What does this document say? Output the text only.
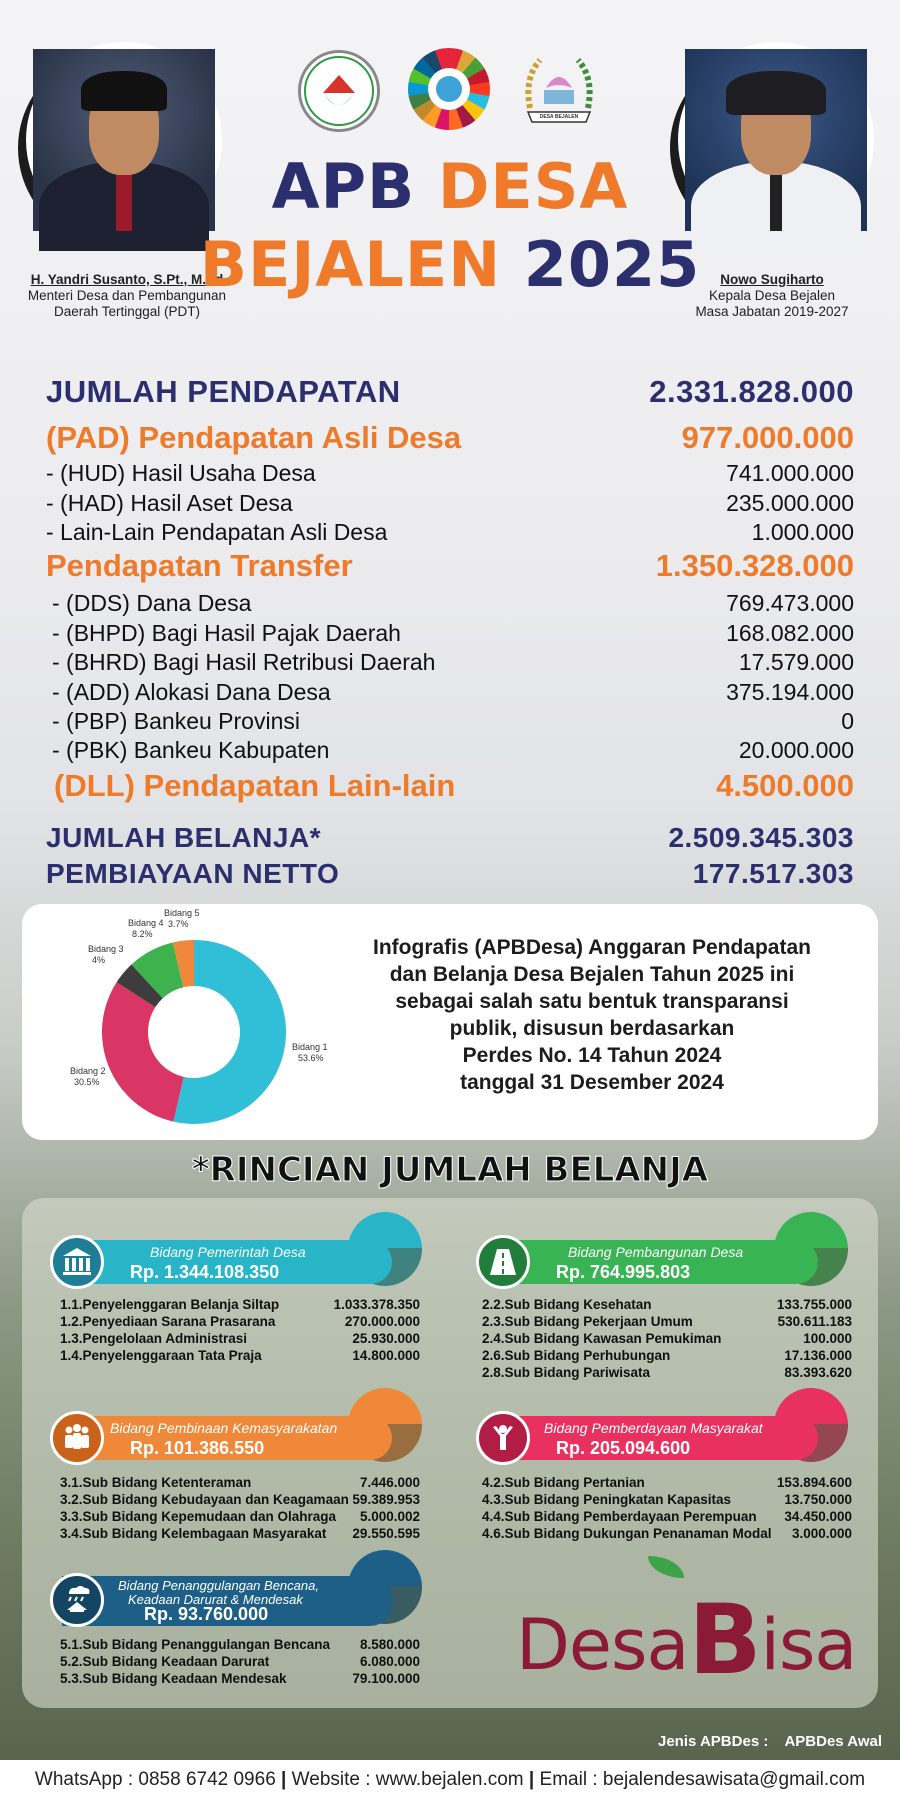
H. Yandri Susanto, S.Pt., M.Pd
Menteri Desa dan Pembangunan
Daerah Tertinggal (PDT)
Nowo Sugiharto
Kepala Desa Bejalen
Masa Jabatan 2019-2027
DESA BEJALEN
APB DESA
BEJALEN 2025
JUMLAH PENDAPATAN	2.331.828.000
(PAD) Pendapatan Asli Desa	977.000.000
- (HUD) Hasil Usaha Desa	741.000.000
- (HAD) Hasil Aset Desa	235.000.000
- Lain-Lain Pendapatan Asli Desa	1.000.000
Pendapatan Transfer	1.350.328.000
- (DDS) Dana Desa	769.473.000
- (BHPD) Bagi Hasil Pajak Daerah	168.082.000
- (BHRD) Bagi Hasil Retribusi Daerah	17.579.000
- (ADD) Alokasi Dana Desa	375.194.000
- (PBP) Bankeu Provinsi	0
- (PBK) Bankeu Kabupaten	20.000.000
(DLL) Pendapatan Lain-lain	4.500.000
JUMLAH BELANJA*	2.509.345.303
PEMBIAYAAN NETTO	177.517.303
Bidang 1
53.6%
Bidang 2
30.5%
Bidang 3
4%
Bidang 4
8.2%
Bidang 5
3.7%
Infografis (APBDesa) Anggaran Pendapatan
dan Belanja Desa Bejalen Tahun 2025 ini
sebagai salah satu bentuk transparansi
publik, disusun berdasarkan
Perdes No. 14 Tahun 2024
tanggal 31 Desember 2024
*RINCIAN JUMLAH BELANJA
Bidang Pemerintah Desa
Rp. 1.344.108.350
1.1.Penyelenggaran Belanja Siltap	1.033.378.350
1.2.Penyediaan Sarana Prasarana	270.000.000
1.3.Pengelolaan Administrasi	25.930.000
1.4.Penyelenggaraan Tata Praja	14.800.000
Bidang Pembangunan Desa
Rp. 764.995.803
2.2.Sub Bidang Kesehatan	133.755.000
2.3.Sub Bidang Pekerjaan Umum	530.611.183
2.4.Sub Bidang Kawasan Pemukiman	100.000
2.6.Sub Bidang Perhubungan	17.136.000
2.8.Sub Bidang Pariwisata	83.393.620
Bidang Pembinaan Kemasyarakatan
Rp. 101.386.550
3.1.Sub Bidang Ketenteraman	7.446.000
3.2.Sub Bidang Kebudayaan dan Keagamaan 59.389.953
3.3.Sub Bidang Kepemudaan dan Olahraga 5.000.002
3.4.Sub Bidang Kelembagaan Masyarakat 29.550.595
Bidang Pemberdayaan Masyarakat
Rp. 205.094.600
4.2.Sub Bidang Pertanian	153.894.600
4.3.Sub Bidang Peningkatan Kapasitas	13.750.000
4.4.Sub Bidang Pemberdayaan Perempuan 34.450.000
4.6.Sub Bidang Dukungan Penanaman Modal 3.000.000
Bidang Penanggulangan Bencana,
Keadaan Darurat & Mendesak
Rp. 93.760.000
5.1.Sub Bidang Penanggulangan Bencana 8.580.000
5.2.Sub Bidang Keadaan Darurat	6.080.000
5.3.Sub Bidang Keadaan Mendesak	79.100.000 DesaBisa
Jenis APBDes : APBDes Awal
WhatsApp : 0858 6742 0966 | Website : www.bejalen.com | Email : bejalendesawisata@gmail.com
